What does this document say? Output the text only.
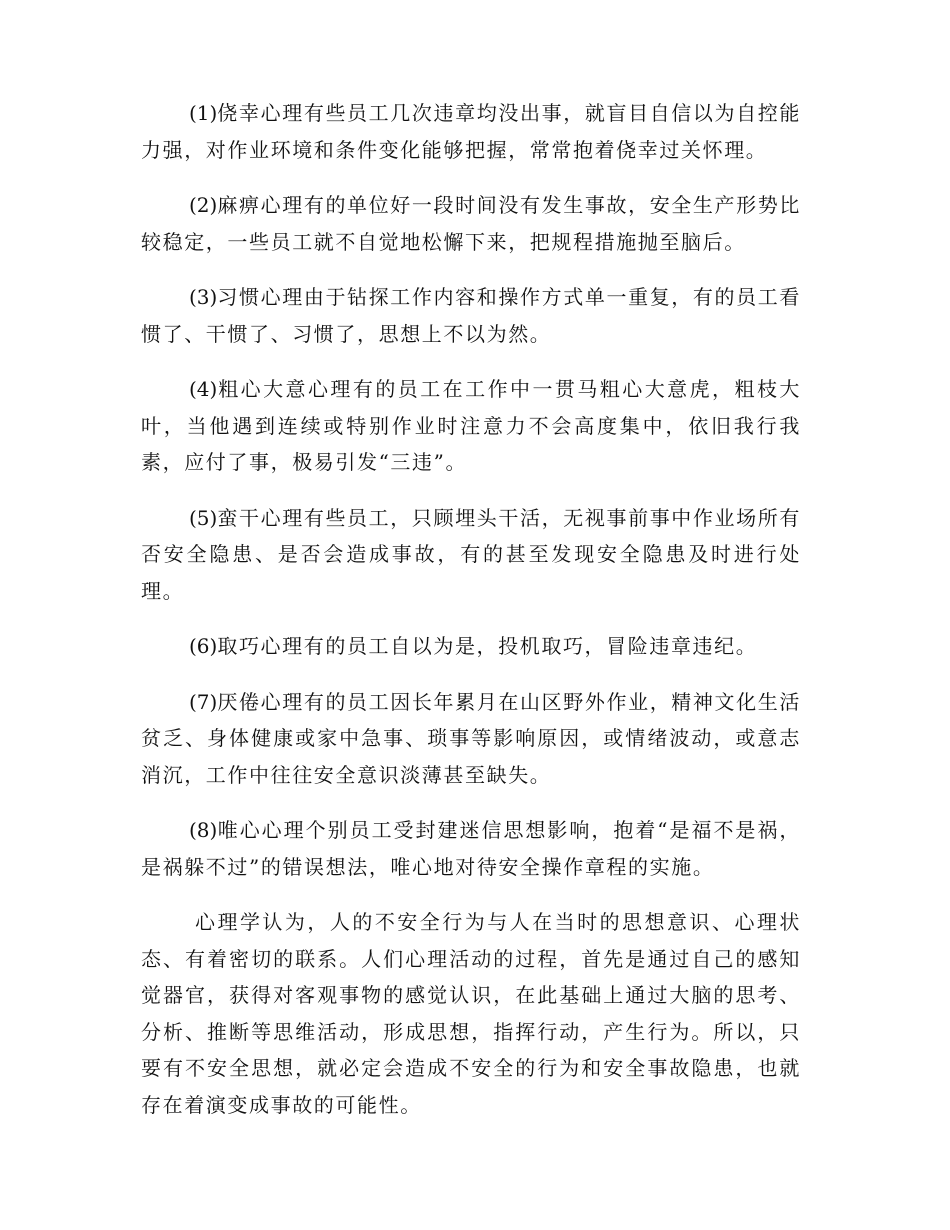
(1)侥幸心理有些员工几次违章均没出事，就盲目自信以为自控能力强，对作业环境和条件变化能够把握，常常抱着侥幸过关怀理。

(2)麻痹心理有的单位好一段时间没有发生事故，安全生产形势比较稳定，一些员工就不自觉地松懈下来，把规程措施抛至脑后。

(3)习惯心理由于钻探工作内容和操作方式单一重复，有的员工看惯了、干惯了、习惯了，思想上不以为然。

(4)粗心大意心理有的员工在工作中一贯马粗心大意虎，粗枝大叶，当他遇到连续或特别作业时注意力不会高度集中，依旧我行我素，应付了事，极易引发“三违”。

(5)蛮干心理有些员工，只顾埋头干活，无视事前事中作业场所有否安全隐患、是否会造成事故，有的甚至发现安全隐患及时进行处理。

(6)取巧心理有的员工自以为是，投机取巧，冒险违章违纪。

(7)厌倦心理有的员工因长年累月在山区野外作业，精神文化生活贫乏、身体健康或家中急事、琐事等影响原因，或情绪波动，或意志消沉，工作中往往安全意识淡薄甚至缺失。

(8)唯心心理个别员工受封建迷信思想影响，抱着“是福不是祸，是祸躲不过”的错误想法，唯心地对待安全操作章程的实施。

心理学认为，人的不安全行为与人在当时的思想意识、心理状态、有着密切的联系。人们心理活动的过程，首先是通过自己的感知觉器官，获得对客观事物的感觉认识，在此基础上通过大脑的思考、分析、推断等思维活动，形成思想，指挥行动，产生行为。所以，只要有不安全思想，就必定会造成不安全的行为和安全事故隐患，也就存在着演变成事故的可能性。
